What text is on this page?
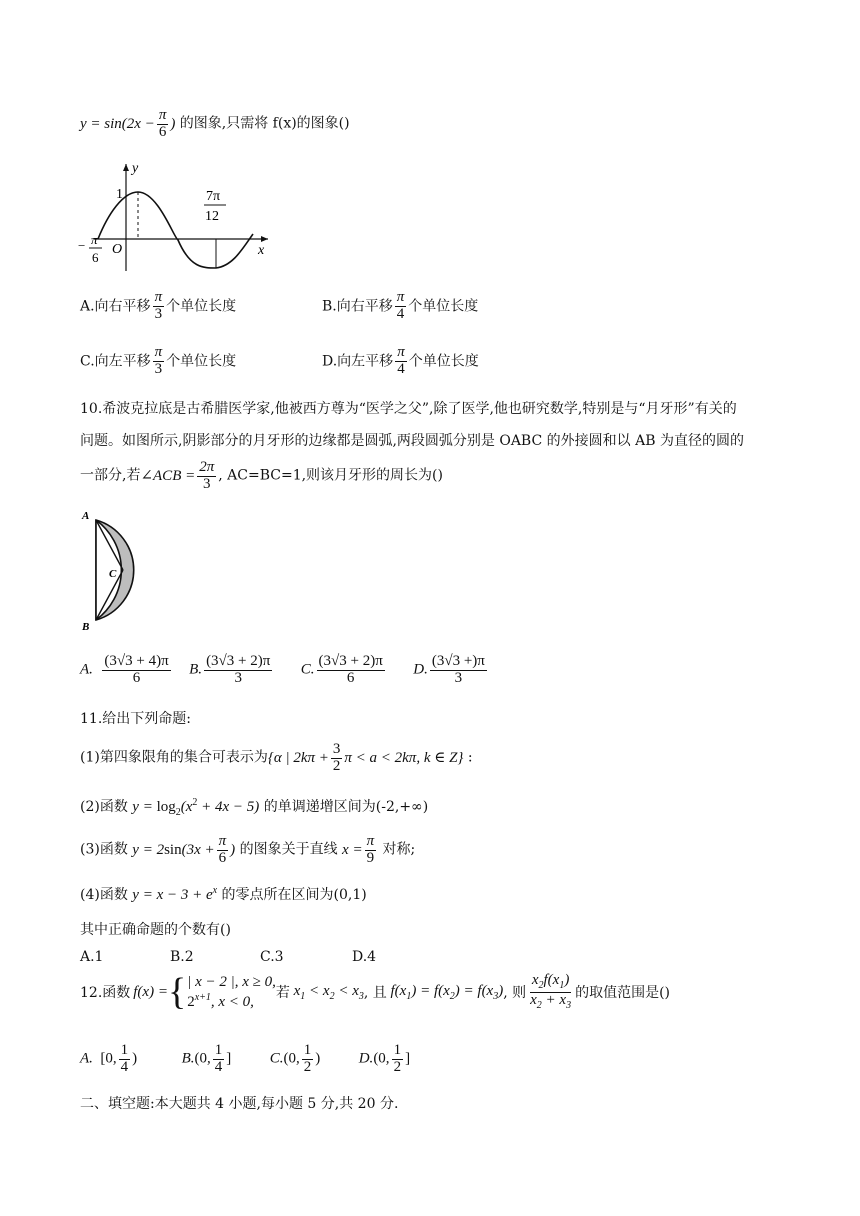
$y = \sin(2x - \frac{\pi}{6}$ ) 的图象,只需将 f(x)的图象()
y
x
O
1
− π
6
7π
12
A.向右平移 $\frac{\pi}{3}$ 个单位长度	B.向右平移 $\frac{\pi}{4}$ 个单位长度
C.向左平移 $\frac{\pi}{3}$ 个单位长度	D.向左平移 $\frac{\pi}{4}$ 个单位长度
10.希波克拉底是古希腊医学家,他被西方尊为“医学之父”,除了医学,他也研究数学,特别是与“月牙形”有关的
问题。如图所示,阴影部分的月牙形的边缘都是圆弧,两段圆弧分别是 OABC 的外接圆和以 AB 为直径的圆的
一部分,若∠ACB = $\frac{2\pi}{3}$ , AC=BC=1,则该月牙形的周长为()
A
B
C
A. $\frac{(3√3 + 4)\pi}{6} B$. $\frac{(3√3 + 2)\pi}{3} C$. $\frac{(3√3 + 2)\pi}{6} D$. $\frac{(3√3 +)\pi}{3}$
11.给出下列命题:
(1)第四象限角的集合可表示为{α | $2k\pi + \frac{3}{2}$ π < a < 2kπ, k ∈ Z} :
(2)函数 $y = \log_2(x^2 + 4x - 5)$ 的单调递增区间为(-2,+∞)
(3)函数 $y = 2\sin(3x + \frac{\pi}{6}$ ) 的图象关于直线 $x = \frac{\pi}{9}$ 对称;
(4)函数 $y = x - 3 + e^x$ 的零点所在区间为(0,1)
其中正确命题的个数有()
A.1	B.2	C.3	D.4
12.函数 f(x) = { | x − 2 |, x ≥ 0,
$2^{x+1}$, x < 0,
若 $x_1 < x_2 < x_3$ , 且 $f(x_1) = f(x_2) = f(x_3)$ , 则 $\frac{x_2f(x_1)}{x_2 + x_3}$ 的取值范围是()
A. [0, $\frac{1}{4}$ )	B.(0, $\frac{1}{4}$ ]	C.(0, $\frac{1}{2}$ )	D.(0, $\frac{1}{2}$ ]
二、填空题:本大题共 4 小题,每小题 5 分,共 20 分.
